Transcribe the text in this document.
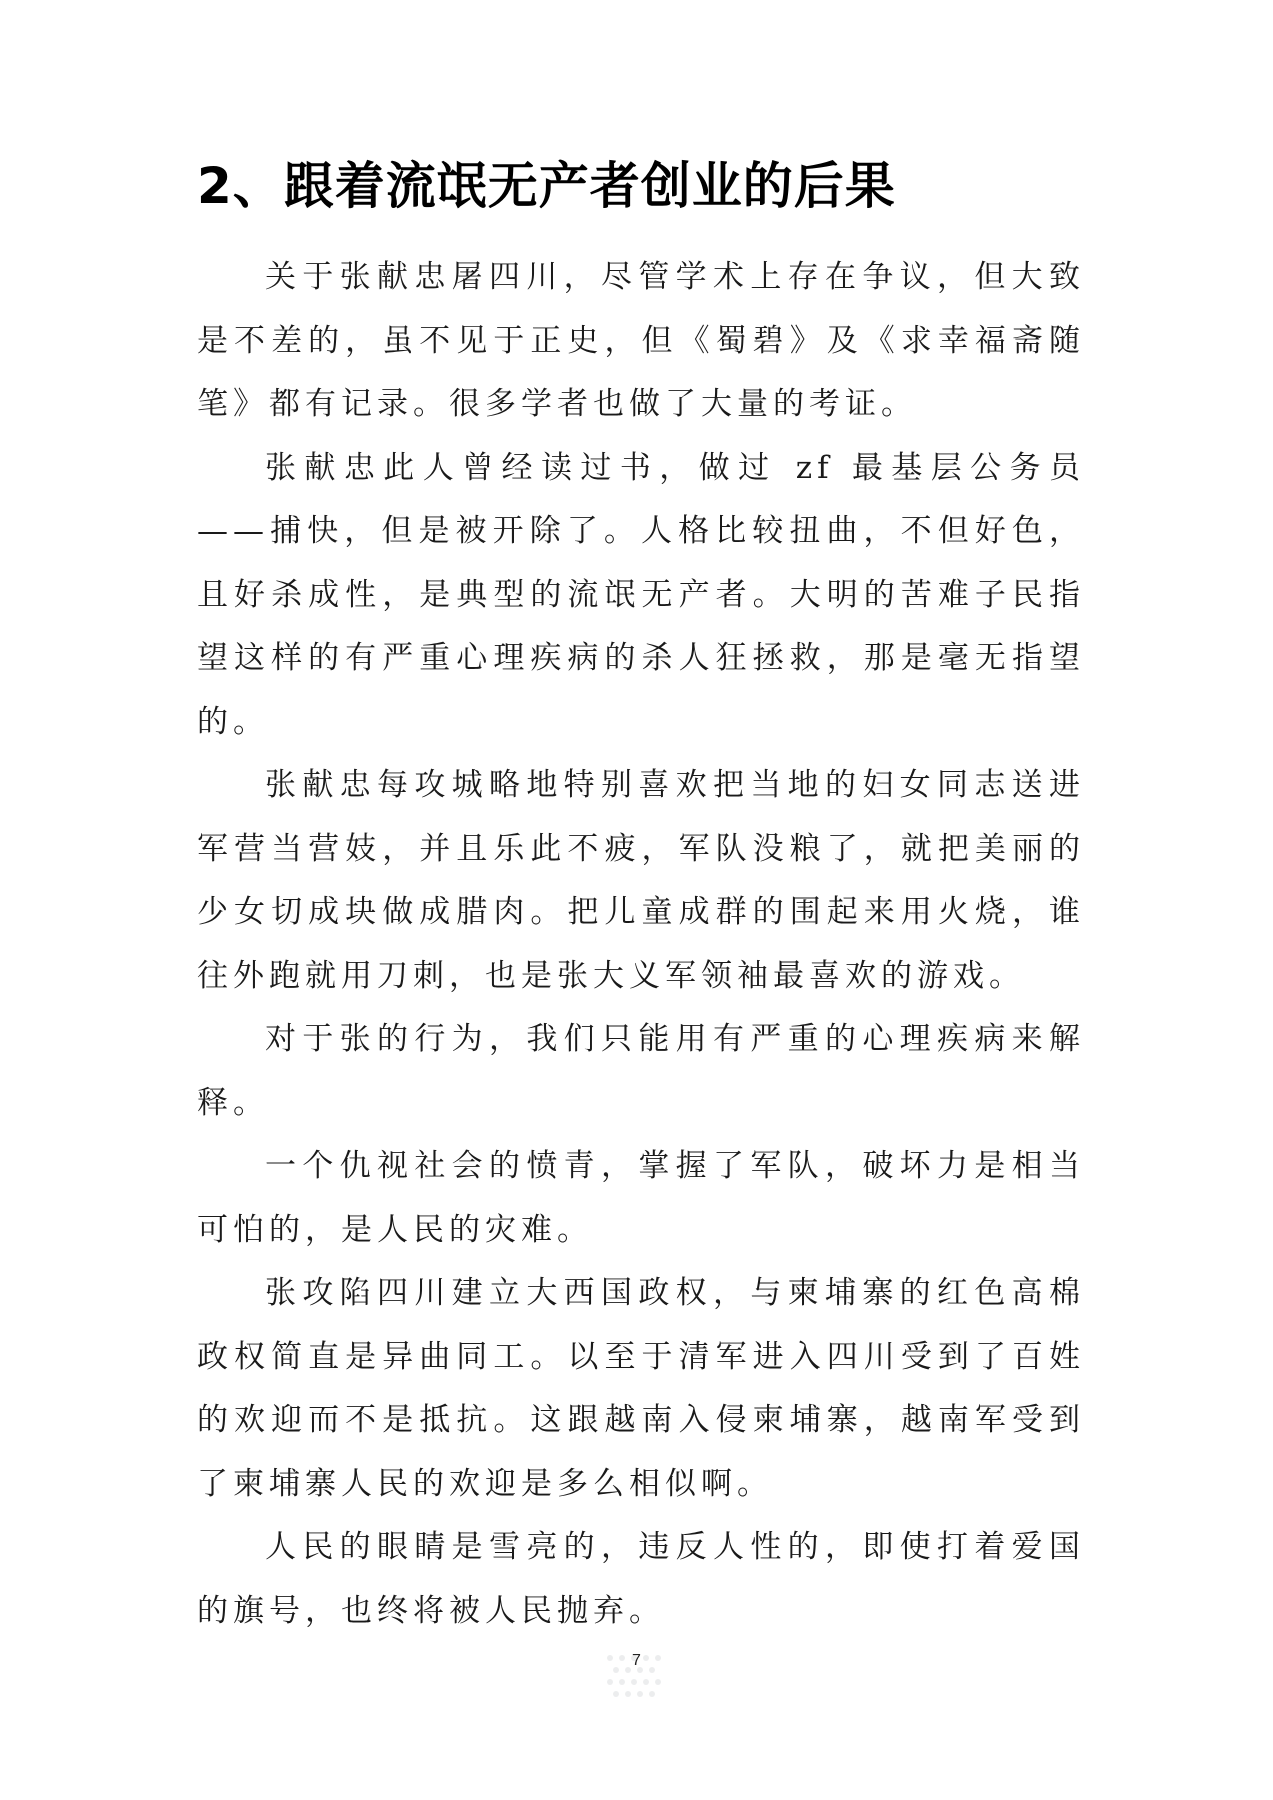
2、跟着流氓无产者创业的后果

关于张献忠屠四川，尽管学术上存在争议，但大致是不差的，虽不见于正史，但《蜀碧》及《求幸福斋随笔》都有记录。很多学者也做了大量的考证。

张献忠此人曾经读过书，做过 zf 最基层公务员——捕快，但是被开除了。人格比较扭曲，不但好色，且好杀成性，是典型的流氓无产者。大明的苦难子民指望这样的有严重心理疾病的杀人狂拯救，那是毫无指望的。

张献忠每攻城略地特别喜欢把当地的妇女同志送进军营当营妓，并且乐此不疲，军队没粮了，就把美丽的少女切成块做成腊肉。把儿童成群的围起来用火烧，谁往外跑就用刀刺，也是张大义军领袖最喜欢的游戏。

对于张的行为，我们只能用有严重的心理疾病来解释。

一个仇视社会的愤青，掌握了军队，破坏力是相当可怕的，是人民的灾难。

张攻陷四川建立大西国政权，与柬埔寨的红色高棉政权简直是异曲同工。以至于清军进入四川受到了百姓的欢迎而不是抵抗。这跟越南入侵柬埔寨，越南军受到了柬埔寨人民的欢迎是多么相似啊。

人民的眼睛是雪亮的，违反人性的，即使打着爱国的旗号，也终将被人民抛弃。

7
